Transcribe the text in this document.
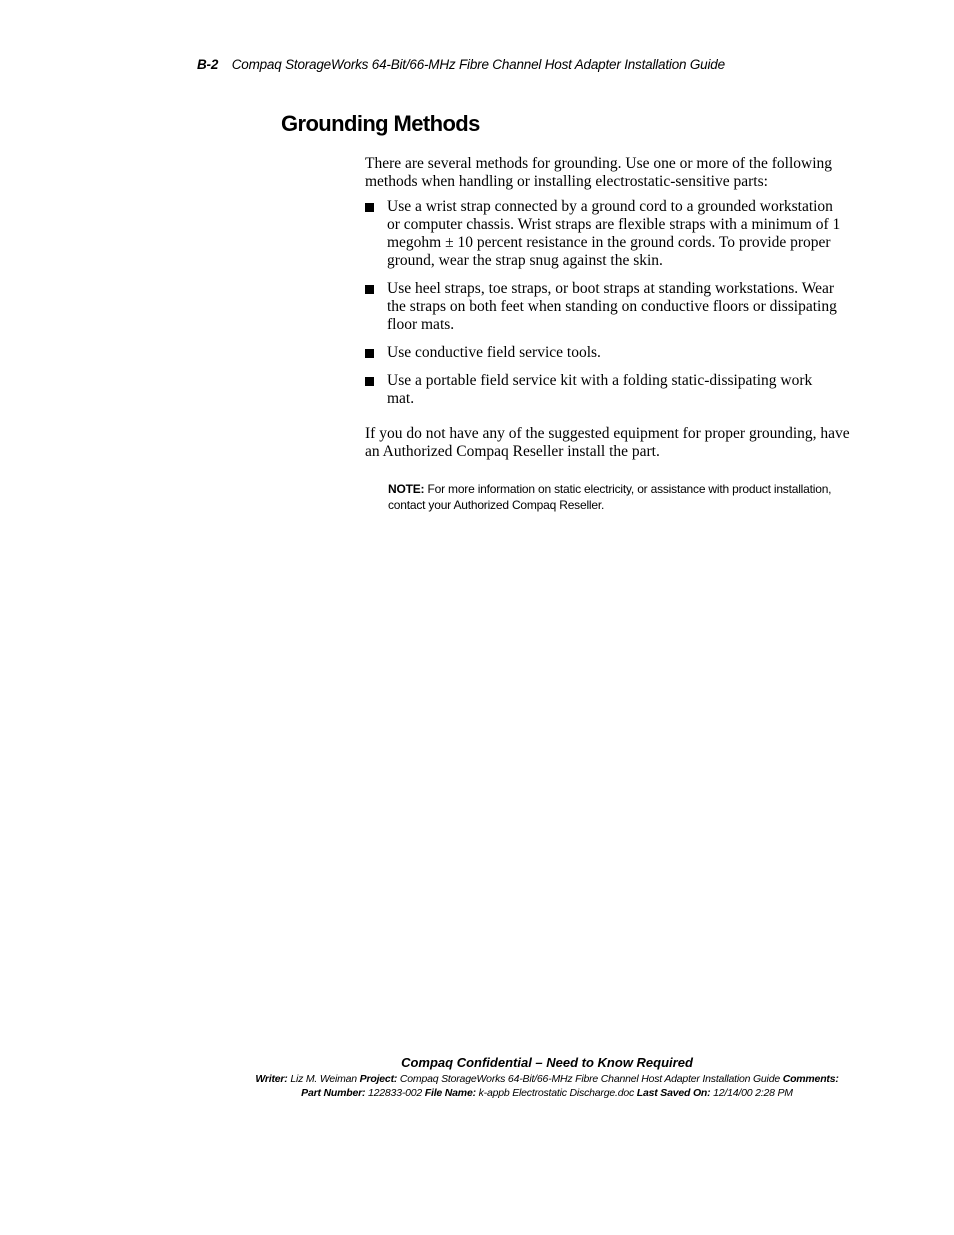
B-2 Compaq StorageWorks 64-Bit/66-MHz Fibre Channel Host Adapter Installation Guide
Grounding Methods

There are several methods for grounding. Use one or more of the following methods when handling or installing electrostatic-sensitive parts:

Use a wrist strap connected by a ground cord to a grounded workstation or computer chassis. Wrist straps are flexible straps with a minimum of 1 megohm ± 10 percent resistance in the ground cords. To provide proper ground, wear the strap snug against the skin.
Use heel straps, toe straps, or boot straps at standing workstations. Wear the straps on both feet when standing on conductive floors or dissipating floor mats.
Use conductive field service tools.
Use a portable field service kit with a folding static-dissipating work mat.

If you do not have any of the suggested equipment for proper grounding, have an Authorized Compaq Reseller install the part.

NOTE: For more information on static electricity, or assistance with product installation, contact your Authorized Compaq Reseller.

Compaq Confidential – Need to Know Required
Writer: Liz M. Weiman Project: Compaq StorageWorks 64-Bit/66-MHz Fibre Channel Host Adapter Installation Guide Comments:
Part Number: 122833-002 File Name: k-appb Electrostatic Discharge.doc Last Saved On: 12/14/00 2:28 PM
